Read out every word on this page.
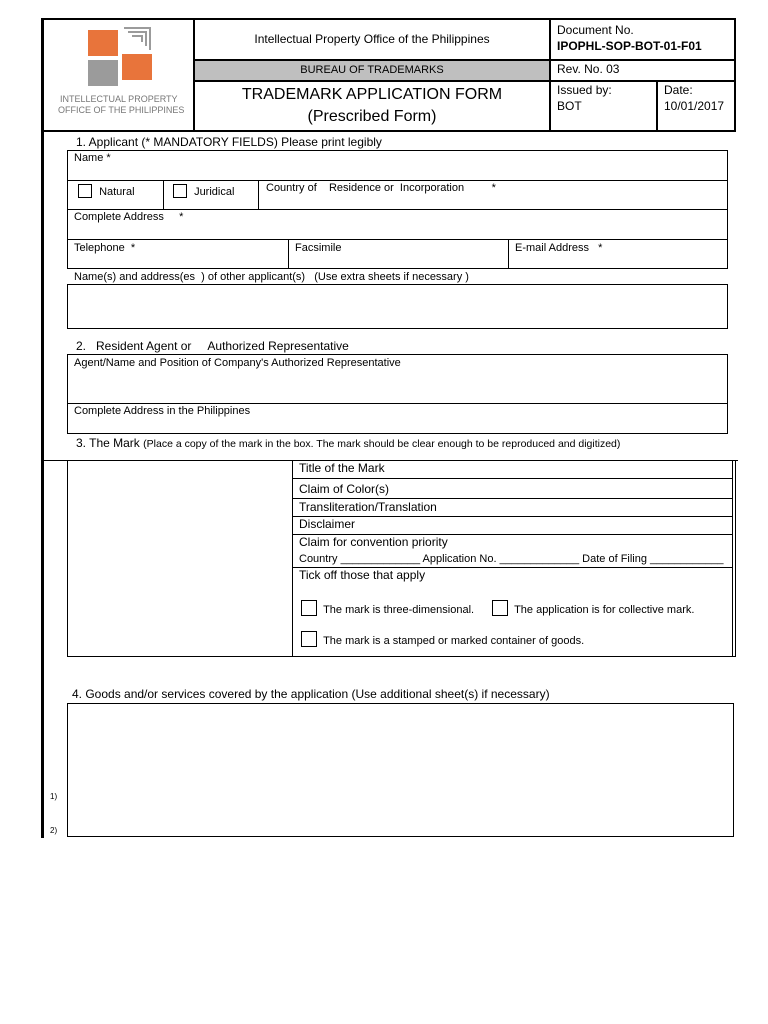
INTELLECTUAL PROPERTY
OFFICE OF THE PHILIPPINES
Intellectual Property Office of the Philippines
BUREAU OF TRADEMARKS
TRADEMARK APPLICATION FORM
(Prescribed Form)
Document No.
IPOPHL-SOP-BOT-01-F01
Rev. No. 03
Issued by:
BOT
Date:
10/01/2017
1. Applicant (* MANDATORY FIELDS) Please print legibly
Name *
Natural	Juridical	Country of    Residence or  Incorporation         *
Complete Address     *
Telephone  *	Facsimile	E-mail Address   *
Name(s) and address(es  ) of other applicant(s)   (Use extra sheets if necessary )
2.   Resident Agent or     Authorized Representative
Agent/Name and Position of Company's Authorized Representative
Complete Address in the Philippines
3. The Mark (Place a copy of the mark in the box. The mark should be clear enough to be reproduced and digitized)
Title of the Mark
Claim of Color(s)
Transliteration/Translation
Disclaimer
Claim for convention priority
Country _____________ Application No. _____________ Date of Filing ____________
Tick off those that apply
The mark is three-dimensional.	The application is for collective mark.
The mark is a stamped or marked container of goods.
4. Goods and/or services covered by the application (Use additional sheet(s) if necessary)
1)
2)
